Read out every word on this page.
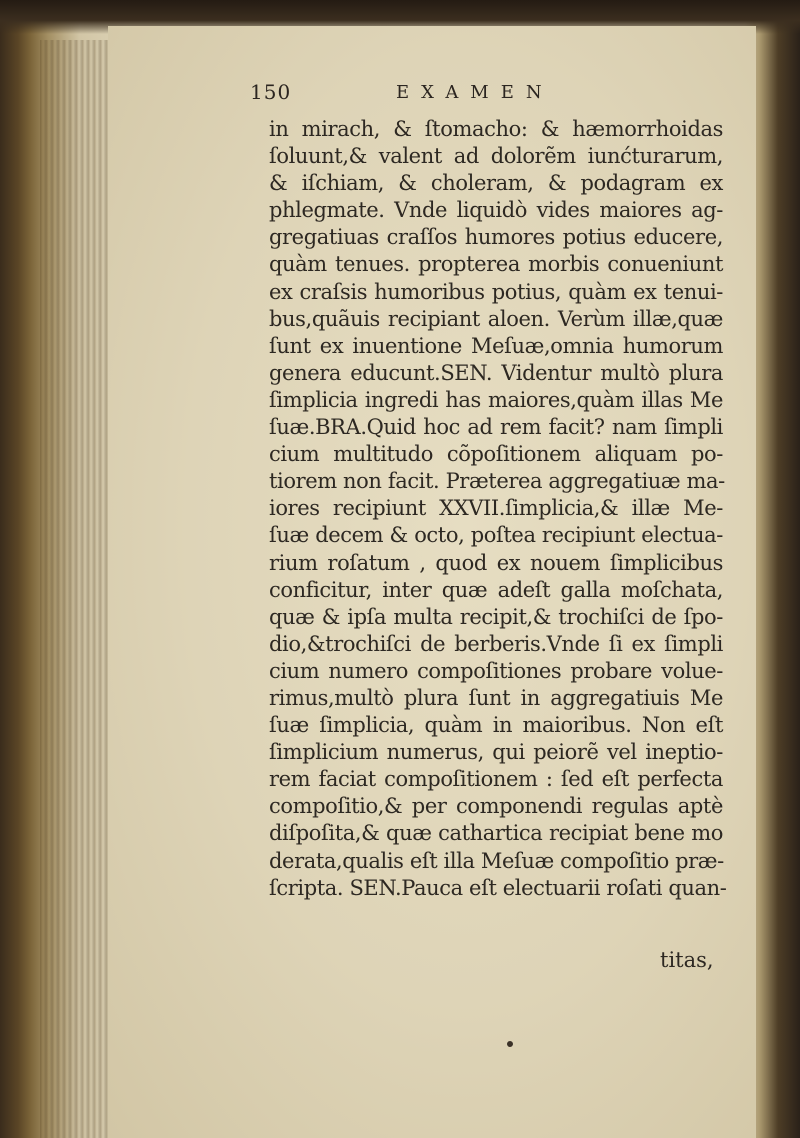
150	EXAMEN
in mirach, & ſtomacho: & hæmorrhoidas
ſoluunt,& valent ad dolorẽm iunćturarum,
& iſchiam, & choleram, & podagram ex
phlegmate. Vnde liquidò vides maiores ag-
gregatiuas craſſos humores potius educere,
quàm tenues. propterea morbis conueniunt
ex craſsis humoribus potius, quàm ex tenui-
bus,quãuis recipiant aloen. Verùm illæ,quæ
ſunt ex inuentione Meſuæ,omnia humorum
genera educunt.SEN. Videntur multò plura
ſimplicia ingredi has maiores,quàm illas Me
ſuæ.BRA.Quid hoc ad rem facit? nam ſimpli
cium multitudo cõpoſitionem aliquam po-
tiorem non facit. Præterea aggregatiuæ ma-
iores recipiunt XXVII.ſimplicia,& illæ Me-
ſuæ decem & octo, poſtea recipiunt electua-
rium roſatum , quod ex nouem ſimplicibus
conficitur, inter quæ adeſt galla moſchata,
quæ & ipſa multa recipit,& trochiſci de ſpo-
dio,&trochiſci de berberis.Vnde ſi ex ſimpli
cium numero compoſitiones probare volue-
rimus,multò plura ſunt in aggregatiuis Me
ſuæ ſimplicia, quàm in maioribus. Non eſt
ſimplicium numerus, qui peiorẽ vel ineptio-
rem faciat compoſitionem : ſed eſt perfecta
compoſitio,& per componendi regulas aptè
diſpoſita,& quæ cathartica recipiat bene mo
derata,qualis eſt illa Meſuæ compoſitio præ-
ſcripta. SEN.Pauca eſt electuarii roſati quan-
titas,
